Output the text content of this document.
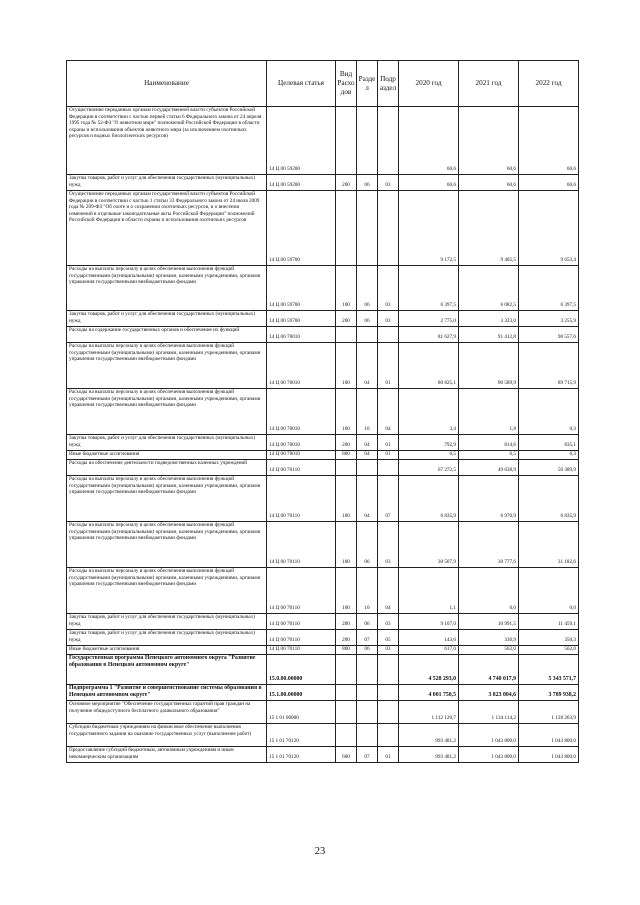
Наименование	Целевая статья	Вид Расхо дов	Разде л	Подр аздел	2020 год	2021 год	2022 год
Осуществление переданных органам государственной власти субъектов Российской Федерации в соответствии с частью первой статьи 6 Федерального закона от 24 апреля 1995 года № 52-ФЗ "О животном мире" полномочий Российской Федерации в области охраны и использования объектов животного мира (за исключением охотничьих ресурсов и водных биологических ресурсов)	14 Ц 00 59200				60,6	60,6	60,6
Закупка товаров, работ и услуг для обеспечения государственных (муниципальных) нужд	14 Ц 00 59200	200	06	03	60,6	60,6	60,6
Осуществление переданных органам государственной власти субъектов Российской Федерации в соответствии с частью 1 статьи 33 Федерального закона от 24 июля 2009 года № 209-ФЗ "Об охоте и о сохранении охотничьих ресурсов, и о внесении изменений в отдельные законодательные акты Российской Федерации" полномочий Российской Федерации в области охраны и использования охотничьих ресурсов	14 Ц 00 59700				9 172,5	9 405,5	9 653,4
Расходы на выплаты персоналу в целях обеспечения выполнения функций государственными (муниципальными) органами, казенными учреждениями, органами управления государственными внебюджетными фондами	14 Ц 00 59700	100	06	03	6 397,5	6 082,5	6 397,5
Закупка товаров, работ и услуг для обеспечения государственных (муниципальных) нужд	14 Ц 00 59700	200	06	03	2 775,0	3 323,0	3 255,9
Расходы на содержание государственных органов и обеспечение их функций	14 Ц 00 70010				81 627,9	91 412,8	90 557,6
Расходы на выплаты персоналу в целях обеспечения выполнения функций государственными (муниципальными) органами, казенными учреждениями, органами управления государственными внебюджетными фондами	14 Ц 00 70010	100	04	01	80 825,1	90 589,9	89 715,9
Расходы на выплаты персоналу в целях обеспечения выполнения функций государственными (муниципальными) органами, казенными учреждениями, органами управления государственными внебюджетными фондами	14 Ц 00 70010	100	10	04	3,4	1,8	0,3
Закупка товаров, работ и услуг для обеспечения государственных (муниципальных) нужд	14 Ц 00 70010	200	04	01	792,9	814,6	835,1
Иные бюджетные ассигнования	14 Ц 00 70010	800	04	01	6,5	6,5	6,3
Расходы на обеспечение деятельности подведомственных казенных учреждений	14 Ц 00 70110				67 272,5	49 638,9	50 389,9
Расходы на выплаты персоналу в целях обеспечения выполнения функций государственными (муниципальными) органами, казенными учреждениями, органами управления государственными внебюджетными фондами	14 Ц 00 70110	100	04	07	6 835,9	6 970,9	6 835,9
Расходы на выплаты персоналу в целях обеспечения выполнения функций государственными (муниципальными) органами, казенными учреждениями, органами управления государственными внебюджетными фондами	14 Ц 00 70110	100	06	03	30 567,9	30 777,6	31 182,6
Расходы на выплаты персоналу в целях обеспечения выполнения функций государственными (муниципальными) органами, казенными учреждениями, органами управления государственными внебюджетными фондами	14 Ц 00 70110	100	10	04	1,1	0,0	0,0
Закупка товаров, работ и услуг для обеспечения государственных (муниципальных) нужд	14 Ц 00 70110	200	06	03	9 107,0	10 991,5	11 459,1
Закупка товаров, работ и услуг для обеспечения государственных (муниципальных) нужд	14 Ц 00 70110	200	07	05	143,6	336,9	350,3
Иные бюджетные ассигнования	14 Ц 00 70110	800	06	03	617,0	562,0	562,0
Государственная программа Ненецкого автономного округа "Развитие образования в Ненецком автономном округе"	15.0.00.00000				4 528 293,0	4 740 017,9	5 343 571,7
Подпрограмма 1 "Развитие и совершенствование системы образования в Ненецком автономном округе"	15.1.00.00000				4 001 750,5	3 823 004,6	3 789 938,2
Основное мероприятие "Обеспечение государственных гарантий прав граждан на получение общедоступного бесплатного дошкольного образования"	15 1 01 00000				1 112 120,7	1 134 114,2	1 128 263,9
Субсидии бюджетным учреждениям на финансовое обеспечение выполнения государственного задания на оказание государственных услуг (выполнение работ)	15 1 01 70120				993 481,2	1 043 800,0	1 043 800,0
Предоставление субсидий бюджетным, автономным учреждениям и иным некоммерческим организациям	15 1 01 70120	600	07	01	993 481,2	1 043 800,0	1 043 800,0
23
